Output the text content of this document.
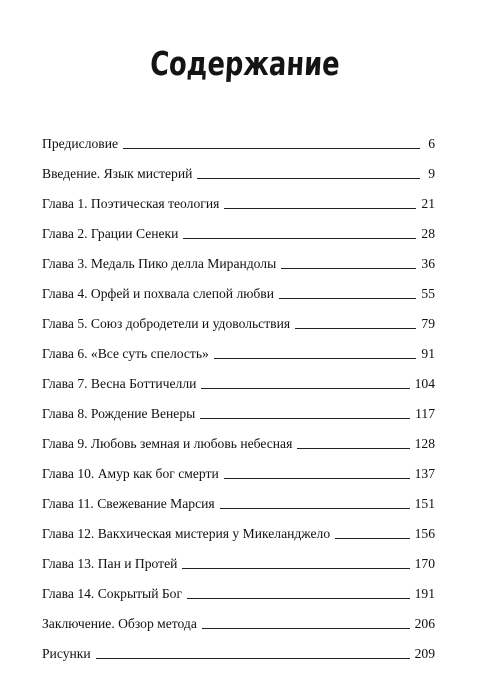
Содержание
Предисловие	6
Введение. Язык мистерий	9
Глава 1. Поэтическая теология	21
Глава 2. Грации Сенеки	28
Глава 3. Медаль Пико делла Мирандолы	36
Глава 4. Орфей и похвала слепой любви	55
Глава 5. Союз добродетели и удовольствия	79
Глава 6. «Все суть спелость»	91
Глава 7. Весна Боттичелли	104
Глава 8. Рождение Венеры	117
Глава 9. Любовь земная и любовь небесная	128
Глава 10. Амур как бог смерти	137
Глава 11. Свежевание Марсия	151
Глава 12. Вакхическая мистерия у Микеланджело	156
Глава 13. Пан и Протей	170
Глава 14. Сокрытый Бог	191
Заключение. Обзор метода	206
Рисунки	209
